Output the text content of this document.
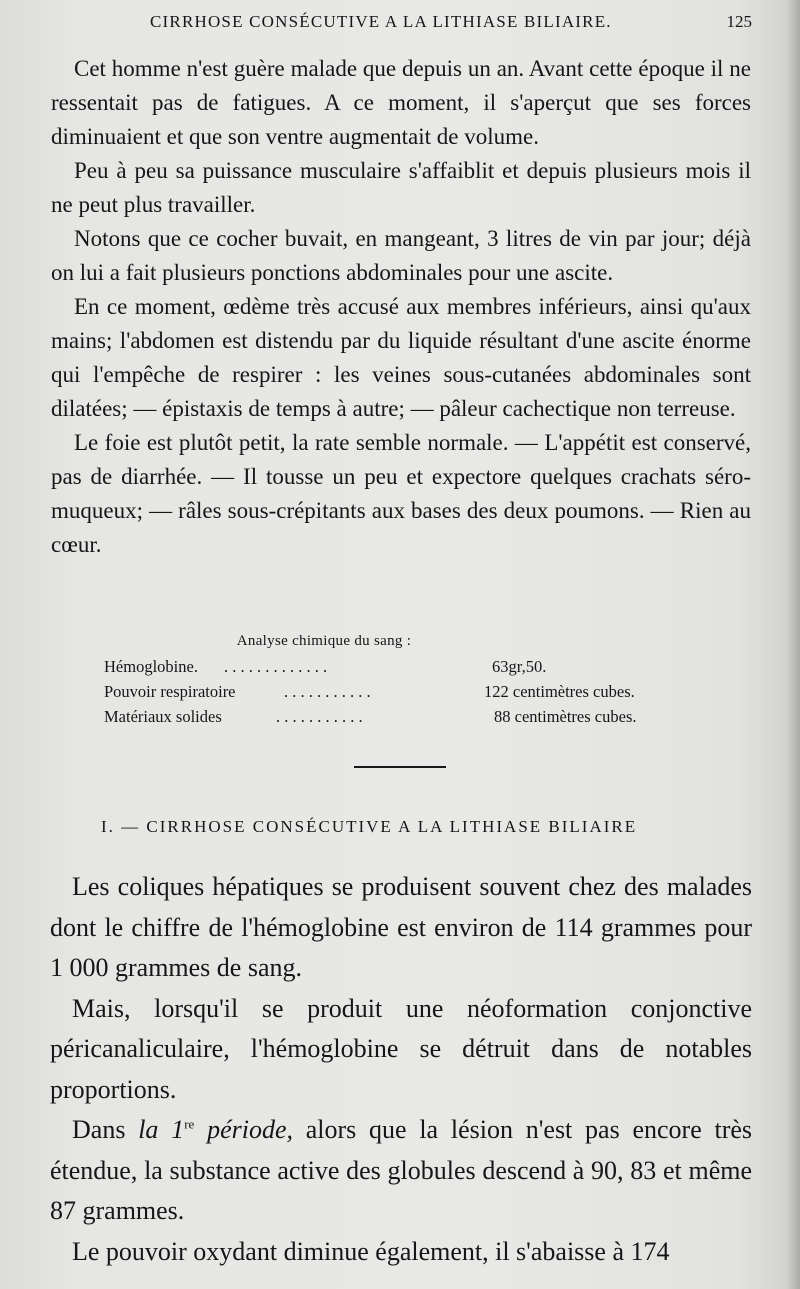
CIRRHOSE CONSÉCUTIVE A LA LITHIASE BILIAIRE.	125

Cet homme n'est guère malade que depuis un an. Avant cette époque il ne ressentait pas de fatigues. A ce moment, il s'aperçut que ses forces diminuaient et que son ventre augmentait de volume.

Peu à peu sa puissance musculaire s'affaiblit et depuis plusieurs mois il ne peut plus travailler.

Notons que ce cocher buvait, en mangeant, 3 litres de vin par jour; déjà on lui a fait plusieurs ponctions abdominales pour une ascite.

En ce moment, œdème très accusé aux membres inférieurs, ainsi qu'aux mains; l'abdomen est distendu par du liquide résultant d'une ascite énorme qui l'empêche de respirer : les veines sous-cutanées abdominales sont dilatées; — épistaxis de temps à autre; — pâleur cachectique non terreuse.

Le foie est plutôt petit, la rate semble normale. — L'appétit est conservé, pas de diarrhée. — Il tousse un peu et expectore quelques crachats séro-muqueux; — râles sous-crépitants aux bases des deux poumons. — Rien au cœur.

Analyse chimique du sang :
Hémoglobine. . . . . . . . . . . . . .	63gr,50.
Pouvoir respiratoire	. . . . . . . . . . .	122 centimètres cubes.
Matériaux solides	. . . . . . . . . . .	88 centimètres cubes.
I. — CIRRHOSE CONSÉCUTIVE A LA LITHIASE BILIAIRE

Les coliques hépatiques se produisent souvent chez des malades dont le chiffre de l'hémoglobine est environ de 114 grammes pour 1 000 grammes de sang.

Mais, lorsqu'il se produit une néoformation conjonctive péricanaliculaire, l'hémoglobine se détruit dans de notables proportions.

Dans la 1re période, alors que la lésion n'est pas encore très étendue, la substance active des globules descend à 90, 83 et même 87 grammes.

Le pouvoir oxydant diminue également, il s'abaisse à 174
